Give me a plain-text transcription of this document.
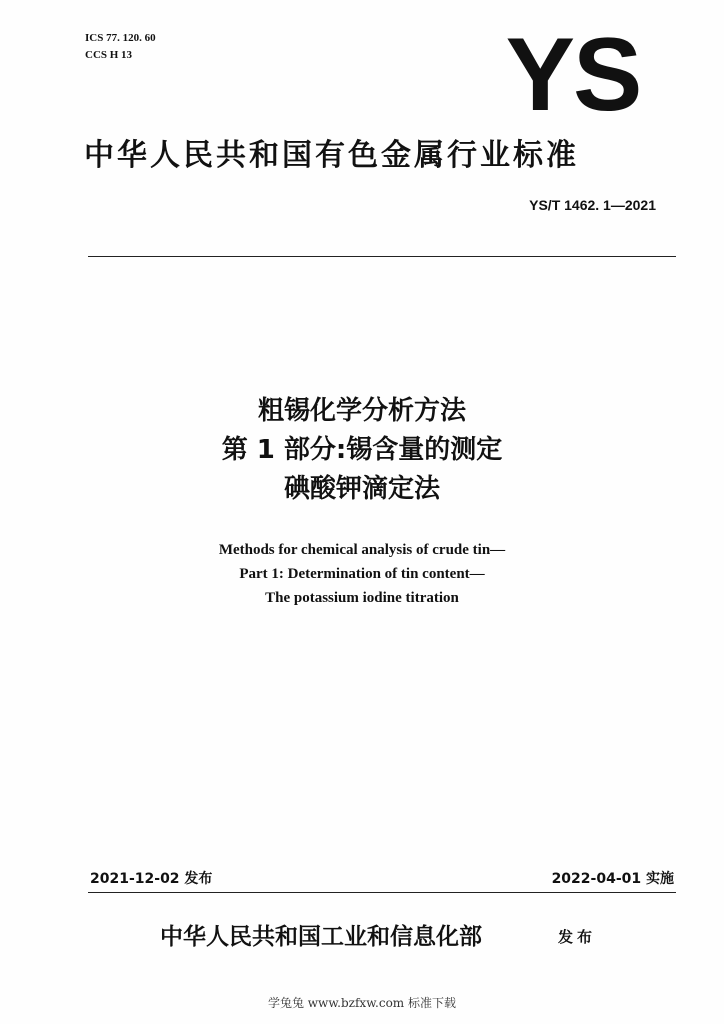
ICS 77. 120. 60
CCS H 13	YS
中华人民共和国有色金属行业标准
YS/T 1462. 1—2021
粗锡化学分析方法
第 1 部分:锡含量的测定
碘酸钾滴定法
Methods for chemical analysis of crude tin—
Part 1: Determination of tin content—
The potassium iodine titration
2021-12-02 发布	2022-04-01 实施
中华人民共和国工业和信息化部	发布
学兔兔 www.bzfxw.com 标准下载
